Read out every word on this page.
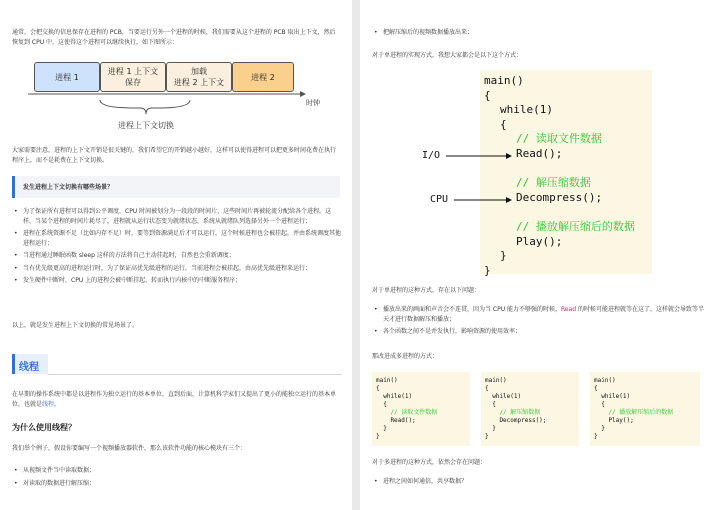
通常，会把交换的信息保存在进程的 PCB，当要运行另外一个进程的时候，我们需要从这个进程的 PCB 取出上下文，然后恢复到 CPU 中，这使得这个进程可以继续执行，如下图所示：
进程 1
进程 1 上下文
保存
加载
进程 2 上下文
进程 2
时钟
进程上下文切换
大家需要注意，进程的上下文开销是很关键的，我们希望它的开销越小越好，这样可以使得进程可以把更多时间花费在执行程序上，而不是耗费在上下文切换。
发生进程上下文切换有哪些场景？
• 为了保证所有进程可以得到公平调度，CPU 时间被划分为一段段的时间片，这些时间片再被轮流分配给各个进程。这样，当某个进程的时间片耗尽了，进程就从运行状态变为就绪状态，系统从就绪队列选择另外一个进程运行；
• 进程在系统资源不足（比如内存不足）时，要等到资源满足后才可以运行，这个时候进程也会被挂起，并由系统调度其他进程运行；
• 当进程通过睡眠函数 sleep 这样的方法将自己主动挂起时，自然也会重新调度；
• 当有优先级更高的进程运行时，为了保证高优先级进程的运行，当前进程会被挂起，由高优先级进程来运行；
• 发生硬件中断时，CPU 上的进程会被中断挂起，转而执行内核中的中断服务程序；
以上，就是发生进程上下文切换的常见场景了。
线程
在早期的操作系统中都是以进程作为独立运行的基本单位，直到后面，计算机科学家们又提出了更小的能独立运行的基本单位，也就是线程。
为什么使用线程？
我们举个例子，假设你要编写一个视频播放器软件，那么该软件功能的核心模块有三个：
• 从视频文件当中读取数据；
• 对读取的数据进行解压缩；
• 把解压缩后的视频数据播放出来；
对于单进程的实现方式，我想大家都会是以下这个方式：
main()
{
while(1)
{
// 读取文件数据
Read();
// 解压缩数据
Decompress();
// 播放解压缩后的数据
Play();
}
}
I/O
CPU
对于单进程的这种方式，存在以下问题：
• 播放出来的画面和声音会不连贯，因为当 CPU 能力不够强的时候，Read 的时候可能进程就等在这了，这样就会导致等半天才进行数据解压和播放；
• 各个函数之间不是并发执行，影响资源的使用效率；
那改进成多进程的方式：
main()
{
while(1)
{
// 读取文件数据
Read();
}
}
main()
{
while(1)
{
// 解压缩数据
Decompress();
}
}
main()
{
while(1)
{
// 播放解压缩后的数据
Play();
}
}
对于多进程的这种方式，依然会存在问题：
• 进程之间如何通信，共享数据？
